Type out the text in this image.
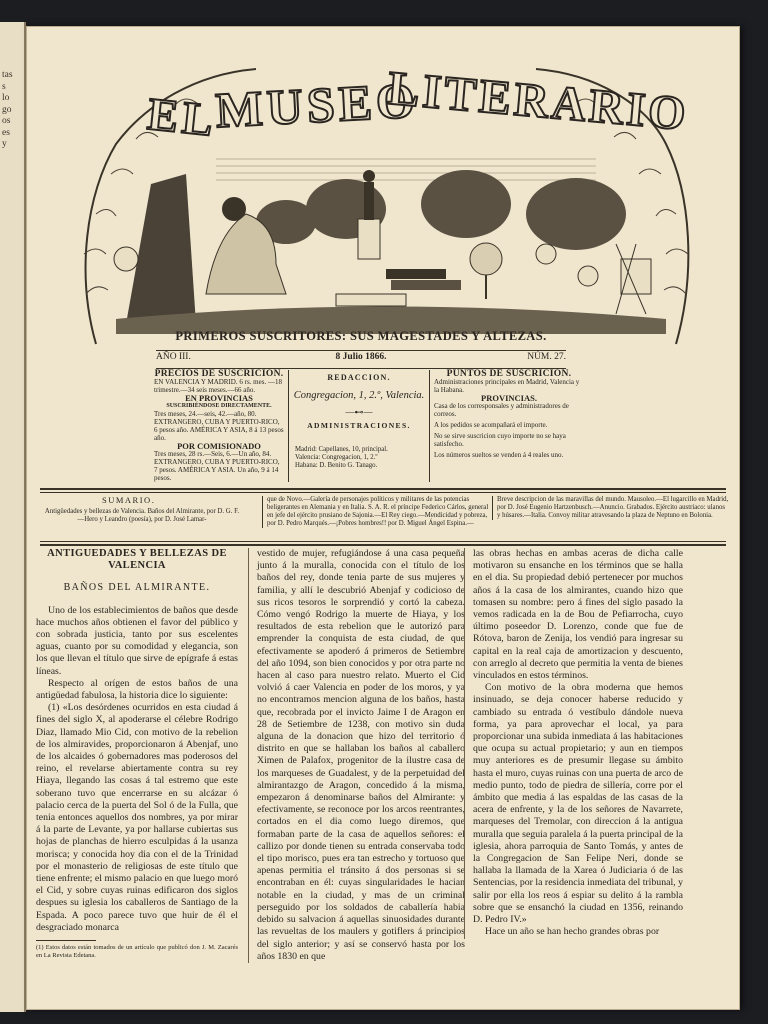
tas
s
lo
go
os
es
y	EL
MUSEO
LITERARIO
PRIMEROS SUSCRITORES: SUS MAGESTADES Y ALTEZAS.
AÑO III.	8 Julio 1866.	NÚM. 27.
PRECIOS DE SUSCRICION.
EN VALENCIA Y MADRID. 6 rs. mes. —18 trimestre.—34 seis meses.—66 año.
EN PROVINCIAS
SUSCRIBIÉNDOSE DIRECTAMENTE.
Tres meses, 24.—seis, 42.—año, 80. EXTRANGERO, CUBA Y PUERTO-RICO, 6 pesos año. AMÉRICA Y ASIA, 8 á 13 pesos año.
POR COMISIONADO
Tres meses, 28 rs.—Seis, 6.—Un año, 84. EXTRANGERO, CUBA Y PUERTO-RICO, 7 pesos. AMÉRICA Y ASIA. Un año, 9 á 14 pesos.
REDACCION.
Congregacion, 1, 2.º, Valencia.
—⊷—
ADMINISTRACIONES.
Madrid: Capellanes, 10, principal.
Valencia: Congregacion, 1, 2.º
Habana: D. Benito G. Tanago.
PUNTOS DE SUSCRICION.
Administraciones principales en Madrid, Valencia y la Habana.
PROVINCIAS.
Casa de los corresponsales y administradores de correos.
A los pedidos se acompañará el importe.
No se sirve suscricion cuyo importe no se haya satisfecho.
Los números sueltos se venden á 4 reales uno.
SUMARIO.
Antigüedades y bellezas de Valencia. Baños del Almirante, por D. G. F.—Hero y Leandro (poesía), por D. José Lamar-
que de Novo.—Galería de personajes políticos y militares de las potencias beligerantes en Alemania y en Italia. S. A. R. el príncipe Federico Cárlos, general en jefe del ejército prusiano de Sajonia.—El Rey ciego.—Mendicidad y pobreza, por D. Pedro Marqués.—¡Pobres hombres!! por D. Miguel Ángel Espina.—
Breve descripcion de las maravillas del mundo. Mausoleo.—El lugarcillo en Madrid, por D. José Eugenio Hartzenbusch.—Anuncio. Grabados. Ejército austriaco: ulanos y húsares.—Italia. Convoy militar atravesando la plaza de Neptuno en Bolonia.
ANTIGUEDADES Y BELLEZAS DE VALENCIA
BAÑOS DEL ALMIRANTE.

Uno de los establecimientos de baños que desde hace muchos años obtienen el favor del público y con sobrada justicia, tanto por sus escelentes aguas, cuanto por su comodidad y elegancia, son los que llevan el título que sirve de epígrafe á estas líneas.

Respecto al orígen de estos baños de una antigüedad fabulosa, la historia dice lo siguiente:

(1) «Los desórdenes ocurridos en esta ciudad á fines del siglo X, al apoderarse el célebre Rodrigo Diaz, llamado Mio Cid, con motivo de la rebelion de los almiravides, proporcionaron á Abenjaf, uno de los alcaides ó gobernadores mas poderosos del reino, el revelarse abiertamente contra su rey Hiaya, llegando las cosas á tal estremo que este soberano tuvo que encerrarse en su alcázar ó palacio cerca de la puerta del Sol ó de la Fulla, que tenia entonces aquellos dos nombres, ya por mirar á la parte de Levante, ya por hallarse cubiertas sus hojas de planchas de hierro esculpidas á la usanza morisca; y conocida hoy dia con el de la Trinidad por el monasterio de religiosas de este título que tiene enfrente; el mismo palacio en que luego moró el Cid, y sobre cuyas ruinas edificaron dos siglos despues su iglesia los caballeros de Santiago de la Espada. A poco parece tuvo que huir de él el desgraciado monarca

(1) Estos datos están tomados de un artículo que publicó don J. M. Zacarés en La Revista Edetana.

vestido de mujer, refugiándose á una casa pequeña junto á la muralla, conocida con el título de los baños del rey, donde tenia parte de sus mujeres y familia, y allí le descubrió Abenjaf y codicioso de sus ricos tesoros le sorprendió y cortó la cabeza. Cómo vengó Rodrigo la muerte de Hiaya, y los resultados de esta rebelion que le autorizó para emprender la conquista de esta ciudad, de que efectivamente se apoderó á primeros de Setiembre del año 1094, son bien conocidos y por otra parte no hacen al caso para nuestro relato. Muerto el Cid volvió á caer Valencia en poder de los moros, y ya no encontramos mencion alguna de los baños, hasta que, recobrada por el invicto Jaime I de Aragon en 28 de Setiembre de 1238, con motivo sin duda alguna de la donacion que hizo del territorio ó distrito en que se hallaban los baños al caballero Ximen de Palafox, progenitor de la ilustre casa de los marqueses de Guadalest, y de la perpetuidad del almirantazgo de Aragon, concedido á la misma, empezaron á denominarse baños del Almirante: y efectivamente, se reconoce por los arcos reentrantes, cortados en el dia como luego diremos, que formaban parte de la casa de aquellos señores: el callizo por donde tienen su entrada conservaba todo el tipo morisco, pues era tan estrecho y tortuoso que apenas permitia el tránsito á dos personas si se encontraban en él: cuyas singularidades le hacian notable en la ciudad, y mas de un criminal perseguido por los soldados de caballería habia debido su salvacion á aquellas sinuosidades durante las revueltas de los maulers y gotiflers á principios del siglo anterior; y así se conservó hasta por los años 1830 en que

las obras hechas en ambas aceras de dicha calle motivaron su ensanche en los términos que se halla en el dia. Su propiedad debió pertenecer por muchos años á la casa de los almirantes, cuando hizo que tomasen su nombre: pero á fines del siglo pasado la vemos radicada en la de Bou de Pefiarrocha, cuyo último poseedor D. Lorenzo, conde que fue de Rótova, baron de Zenija, los vendió para ingresar su capital en la real caja de amortizacion y descuento, con arreglo al decreto que permitia la venta de bienes vinculados en estos términos.

Con motivo de la obra moderna que hemos insinuado, se deja conocer haberse reducido y cambiado su entrada ó vestíbulo dándole nueva forma, ya para aprovechar el local, ya para proporcionar una subida inmediata á las habitaciones que ocupa su actual propietario; y aun en tiempos muy anteriores es de presumir llegase su ámbito hasta el muro, cuyas ruinas con una puerta de arco de medio punto, todo de piedra de sillería, corre por el ámbito que media á las espaldas de las casas de la acera de enfrente, y la de los señores de Navarrete, marqueses del Tremolar, con direccion á la antigua muralla que seguia paralela á la puerta principal de la iglesia, ahora parroquia de Santo Tomás, y antes de la Congregacion de San Felipe Neri, donde se hallaba la llamada de la Xarea ó Judiciaria ó de las Sentencias, por la residencia inmediata del tribunal, y salir por ella los reos á espiar su delito á la rambla sobre que se ensanchó la ciudad en 1356, reinando D. Pedro IV.»

Hace un año se han hecho grandes obras por
